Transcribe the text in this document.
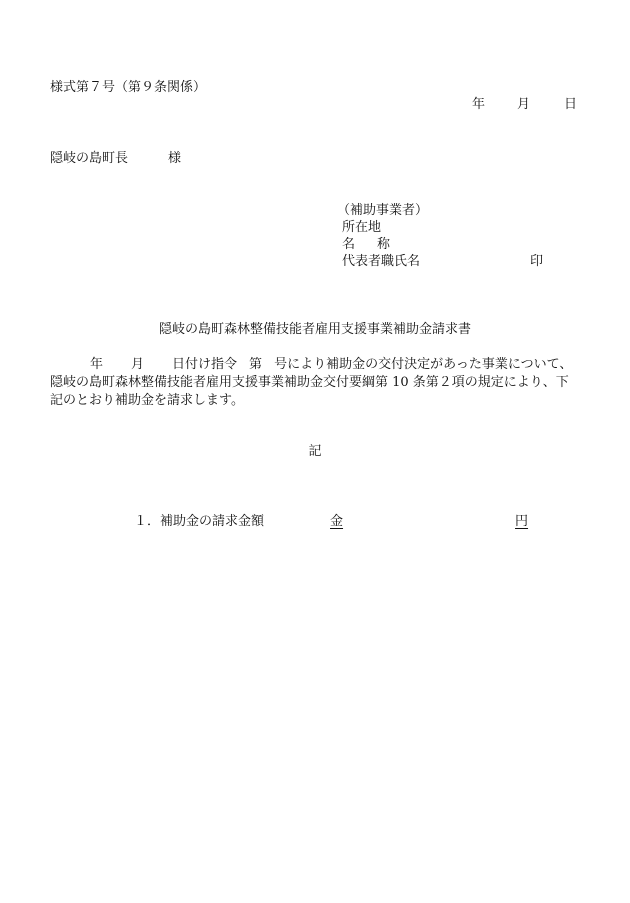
様式第７号（第９条関係）
年 月	日
隠岐の島町長	様
（補助事業者）
所在地
名 称
代表者職氏名	印
隠岐の島町森林整備技能者雇用支援事業補助金請求書
年 月 日付け指令 第 号により補助金の交付決定があった事業について、
隠岐の島町森林整備技能者雇用支援事業補助金交付要綱第 10 条第２項の規定により、下
記のとおり補助金を請求します。
記
１．補助金の請求金額	金	円
